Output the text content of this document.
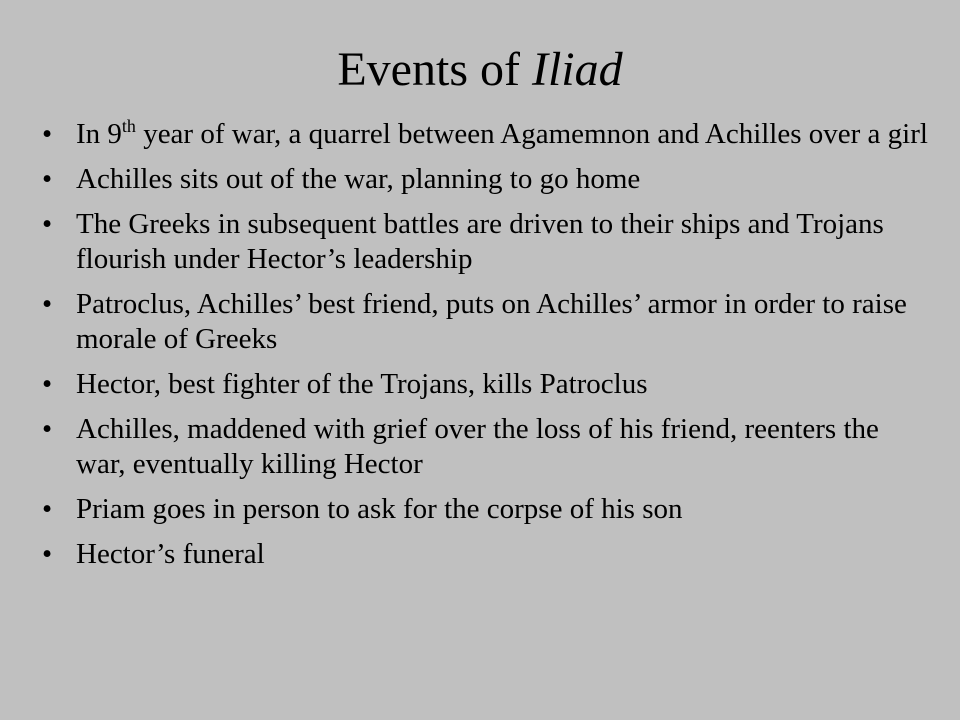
Events of Iliad
• In 9th year of war, a quarrel between Agamemnon and Achilles over a girl
• Achilles sits out of the war, planning to go home
• The Greeks in subsequent battles are driven to their ships and Trojans flourish under Hector’s leadership
• Patroclus, Achilles’ best friend, puts on Achilles’ armor in order to raise morale of Greeks
• Hector, best fighter of the Trojans, kills Patroclus
• Achilles, maddened with grief over the loss of his friend, reenters the war, eventually killing Hector
• Priam goes in person to ask for the corpse of his son
• Hector’s funeral
